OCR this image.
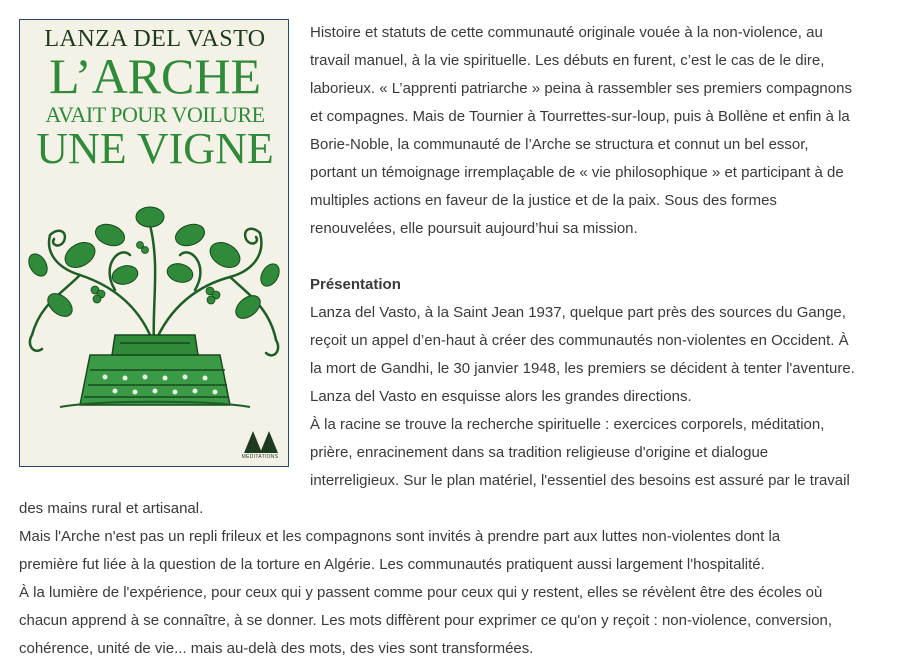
LANZA DEL VASTO
L’ARCHE
AVAIT POUR VOILURE
UNE VIGNE
MÉDITATIONS
Histoire et statuts de cette communauté originale vouée à la non-violence, au
travail manuel, à la vie spirituelle. Les débuts en furent, c’est le cas de le dire,
laborieux. « L’apprenti patriarche » peina à rassembler ses premiers compagnons
et compagnes. Mais de Tournier à Tourrettes-sur-loup, puis à Bollène et enfin à la
Borie-Noble, la communauté de l’Arche se structura et connut un bel essor,
portant un témoignage irremplaçable de « vie philosophique » et participant à de
multiples actions en faveur de la justice et de la paix. Sous des formes
renouvelées, elle poursuit aujourd’hui sa mission.
Présentation
Lanza del Vasto, à la Saint Jean 1937, quelque part près des sources du Gange,
reçoit un appel d’en-haut à créer des communautés non-violentes en Occident. À
la mort de Gandhi, le 30 janvier 1948, les premiers se décident à tenter l'aventure.
Lanza del Vasto en esquisse alors les grandes directions.
À la racine se trouve la recherche spirituelle : exercices corporels, méditation,
prière, enracinement dans sa tradition religieuse d'origine et dialogue
interreligieux. Sur le plan matériel, l'essentiel des besoins est assuré par le travail
des mains rural et artisanal.
Mais l'Arche n'est pas un repli frileux et les compagnons sont invités à prendre part aux luttes non-violentes dont la
première fut liée à la question de la torture en Algérie. Les communautés pratiquent aussi largement l'hospitalité.
À la lumière de l'expérience, pour ceux qui y passent comme pour ceux qui y restent, elles se révèlent être des écoles où
chacun apprend à se connaître, à se donner. Les mots diffèrent pour exprimer ce qu'on y reçoit : non-violence, conversion,
cohérence, unité de vie... mais au-delà des mots, des vies sont transformées.
